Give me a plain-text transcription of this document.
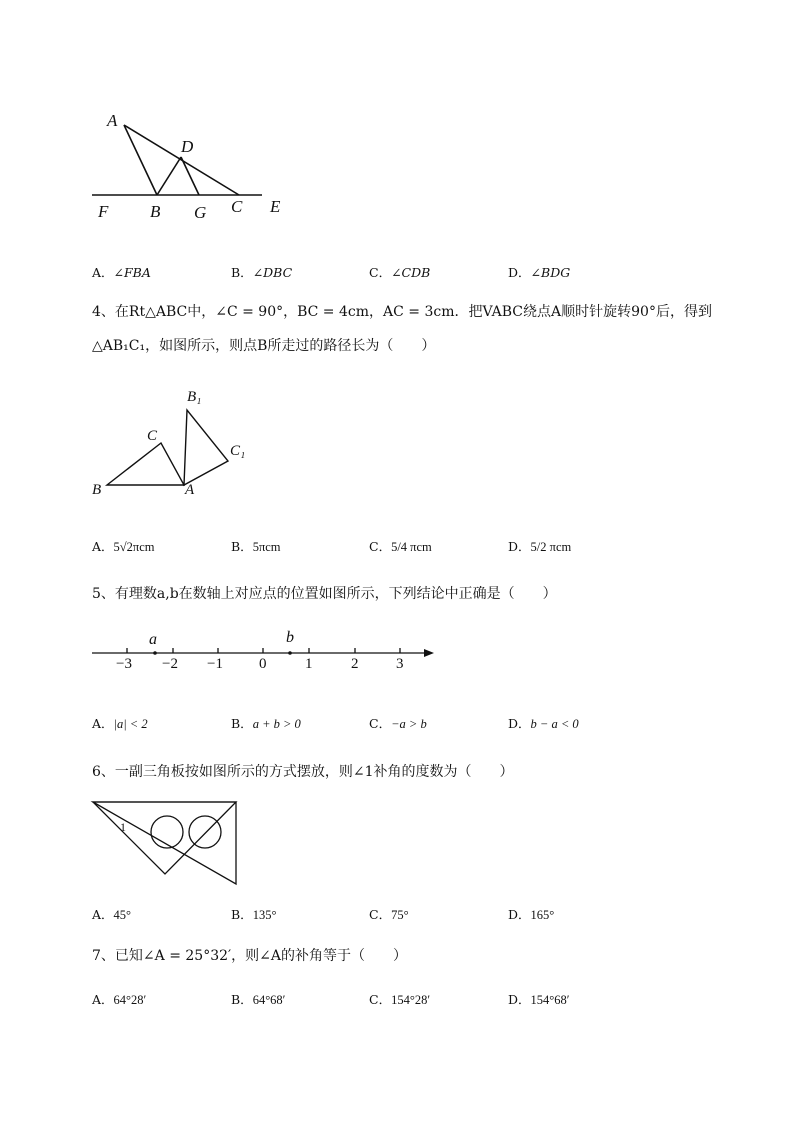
A
D
F B G C E
A．∠FBA	B．∠DBC	C．∠CDB	D．∠BDG
4、在Rt△ABC中，∠C = 90°，BC = 4cm，AC = 3cm．把VABC绕点A顺时针旋转90°后，得到
△AB₁C₁，如图所示，则点B所走过的路径长为（　　）
B
C
A
B₁
C₁
A．5√2πcm	B．5πcm	C．5/4 πcm	D．5/2 πcm
5、有理数a,b在数轴上对应点的位置如图所示，下列结论中正确是（　　）
a	b
−3 −2 −1 0	1	2	3
A．|a| < 2	B．a + b > 0	C．−a > b	D．b − a < 0
6、一副三角板按如图所示的方式摆放，则∠1补角的度数为（　　）
1
A．45°	B．135°	C．75°	D．165°
7、已知∠A = 25°32′，则∠A的补角等于（　　）
A．64°28′	B．64°68′	C．154°28′	D．154°68′
